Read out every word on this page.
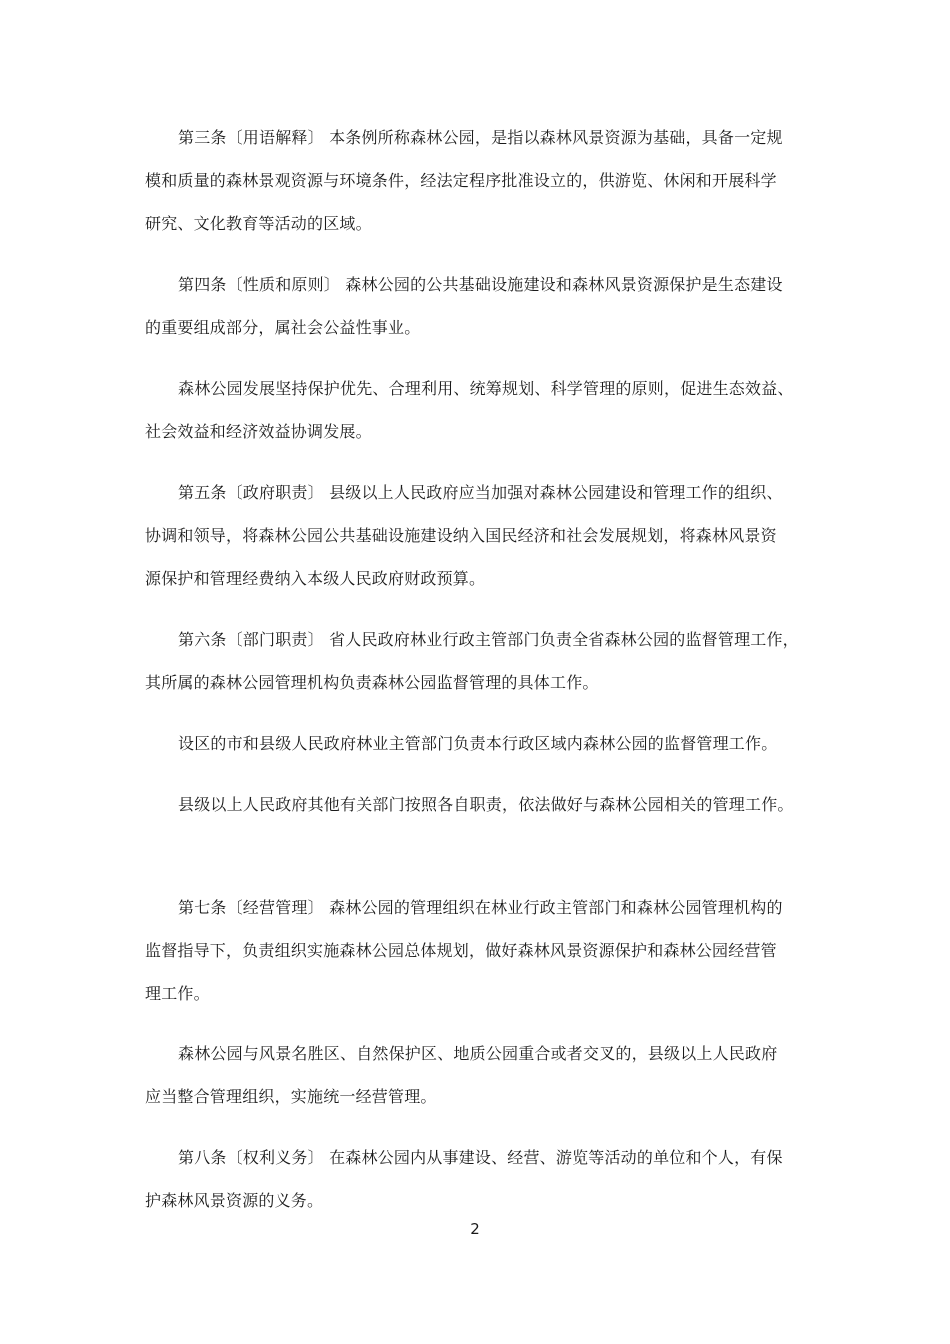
第三条〔用语解释〕 本条例所称森林公园，是指以森林风景资源为基础，具备一定规
模和质量的森林景观资源与环境条件，经法定程序批准设立的，供游览、休闲和开展科学
研究、文化教育等活动的区域。
第四条〔性质和原则〕 森林公园的公共基础设施建设和森林风景资源保护是生态建设
的重要组成部分，属社会公益性事业。
森林公园发展坚持保护优先、合理利用、统筹规划、科学管理的原则，促进生态效益、
社会效益和经济效益协调发展。
第五条〔政府职责〕 县级以上人民政府应当加强对森林公园建设和管理工作的组织、
协调和领导，将森林公园公共基础设施建设纳入国民经济和社会发展规划，将森林风景资
源保护和管理经费纳入本级人民政府财政预算。
第六条〔部门职责〕 省人民政府林业行政主管部门负责全省森林公园的监督管理工作，
其所属的森林公园管理机构负责森林公园监督管理的具体工作。
设区的市和县级人民政府林业主管部门负责本行政区域内森林公园的监督管理工作。
县级以上人民政府其他有关部门按照各自职责，依法做好与森林公园相关的管理工作。
第七条〔经营管理〕 森林公园的管理组织在林业行政主管部门和森林公园管理机构的
监督指导下，负责组织实施森林公园总体规划，做好森林风景资源保护和森林公园经营管
理工作。
森林公园与风景名胜区、自然保护区、地质公园重合或者交叉的，县级以上人民政府
应当整合管理组织，实施统一经营管理。
第八条〔权利义务〕 在森林公园内从事建设、经营、游览等活动的单位和个人，有保
护森林风景资源的义务。
2
